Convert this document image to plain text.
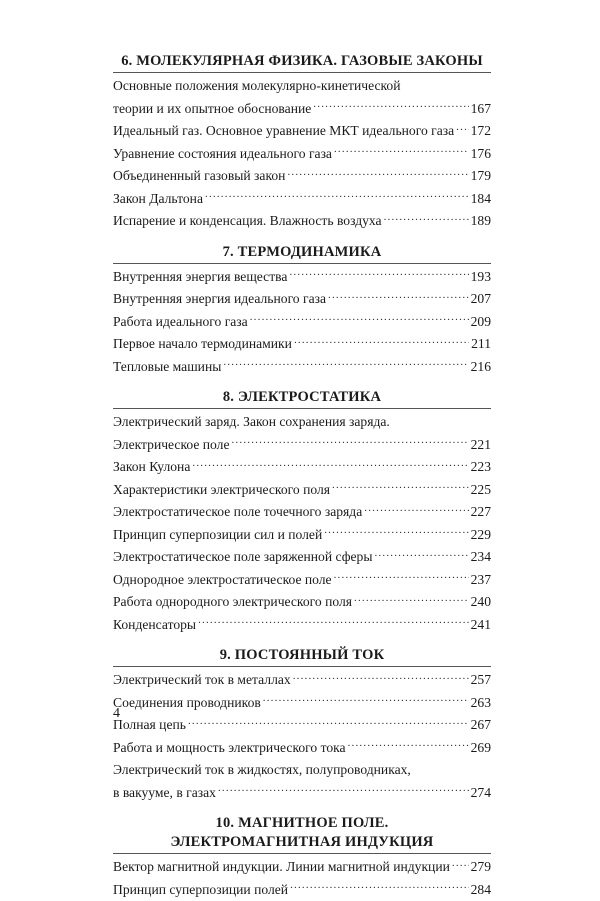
6. МОЛЕКУЛЯРНАЯ ФИЗИКА. ГАЗОВЫЕ ЗАКОНЫ
Основные положения молекулярно-кинетической
теории и их опытное обоснование .....	167
Идеальный газ. Основное уравнение МКТ идеального газа ..... 172
Уравнение состояния идеального газа .....	176
Объединенный газовый закон .....	179
Закон Дальтона .....	184
Испарение и конденсация. Влажность воздуха .....	189
7. ТЕРМОДИНАМИКА
Внутренняя энергия вещества .....	193
Внутренняя энергия идеального газа .....	207
Работа идеального газа .....	209
Первое начало термодинамики .....	211
Тепловые машины .....	216
8. ЭЛЕКТРОСТАТИКА
Электрический заряд. Закон сохранения заряда.
Электрическое поле .....	221
Закон Кулона .....	223
Характеристики электрического поля .....	225
Электростатическое поле точечного заряда .....	227
Принцип суперпозиции сил и полей .....	229
Электростатическое поле заряженной сферы .....	234
Однородное электростатическое поле .....	237
Работа однородного электрического поля .....	240
Конденсаторы .....	241
9. ПОСТОЯННЫЙ ТОК
Электрический ток в металлах .....	257
Соединения проводников .....	263
Полная цепь .....	267
Работа и мощность электрического тока .....	269
Электрический ток в жидкостях, полупроводниках,
в вакууме, в газах .....	274
10. МАГНИТНОЕ ПОЛЕ.
ЭЛЕКТРОМАГНИТНАЯ ИНДУКЦИЯ
Вектор магнитной индукции. Линии магнитной индукции ..... 279
Принцип суперпозиции полей .....	284
4
